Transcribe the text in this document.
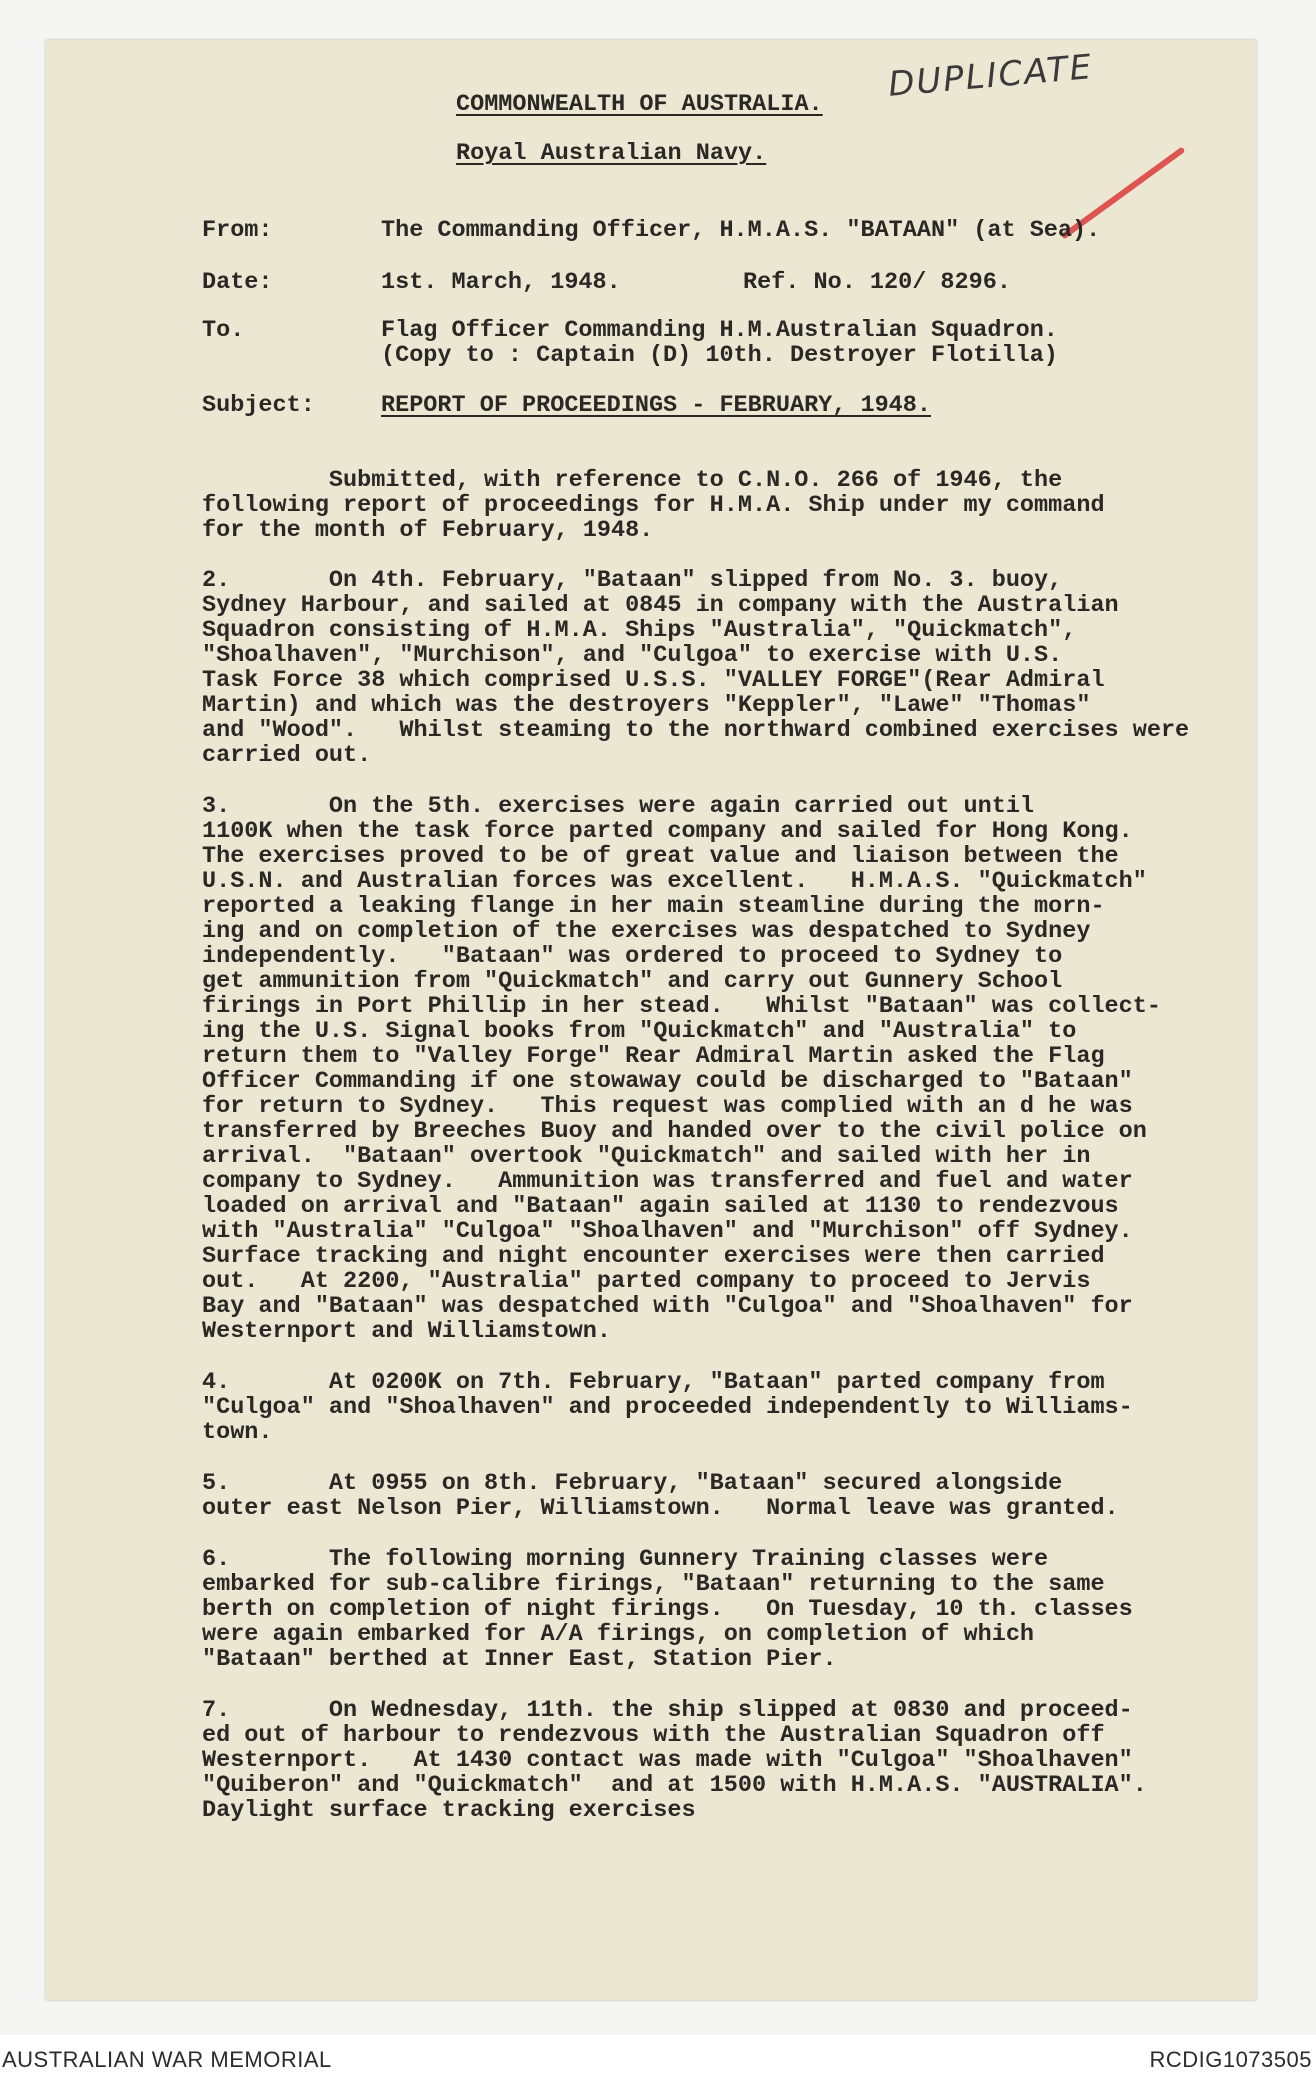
DUPLICATE
COMMONWEALTH OF AUSTRALIA.
Royal Australian Navy.
From:	The Commanding Officer, H.M.A.S. "BATAAN" (at Sea).
Date:	1st. March, 1948.	Ref. No. 120/ 8296.
To.	Flag Officer Commanding H.M.Australian Squadron.
(Copy to : Captain (D) 10th. Destroyer Flotilla)
Subject:	REPORT OF PROCEEDINGS - FEBRUARY, 1948.
Submitted, with reference to C.N.O. 266 of 1946, the
following report of proceedings for H.M.A. Ship under my command
for the month of February, 1948.
2.       On 4th. February, "Bataan" slipped from No. 3. buoy,
Sydney Harbour, and sailed at 0845 in company with the Australian
Squadron consisting of H.M.A. Ships "Australia", "Quickmatch",
"Shoalhaven", "Murchison", and "Culgoa" to exercise with U.S.
Task Force 38 which comprised U.S.S. "VALLEY FORGE"(Rear Admiral
Martin) and which was the destroyers "Keppler", "Lawe" "Thomas"
and "Wood".   Whilst steaming to the northward combined exercises were
carried out.
3.       On the 5th. exercises were again carried out until
1100K when the task force parted company and sailed for Hong Kong.
The exercises proved to be of great value and liaison between the
U.S.N. and Australian forces was excellent.   H.M.A.S. "Quickmatch"
reported a leaking flange in her main steamline during the morn-
ing and on completion of the exercises was despatched to Sydney
independently.   "Bataan" was ordered to proceed to Sydney to
get ammunition from "Quickmatch" and carry out Gunnery School
firings in Port Phillip in her stead.   Whilst "Bataan" was collect-
ing the U.S. Signal books from "Quickmatch" and "Australia" to
return them to "Valley Forge" Rear Admiral Martin asked the Flag
Officer Commanding if one stowaway could be discharged to "Bataan"
for return to Sydney.   This request was complied with an d he was
transferred by Breeches Buoy and handed over to the civil police on
arrival.  "Bataan" overtook "Quickmatch" and sailed with her in
company to Sydney.   Ammunition was transferred and fuel and water
loaded on arrival and "Bataan" again sailed at 1130 to rendezvous
with "Australia" "Culgoa" "Shoalhaven" and "Murchison" off Sydney.
Surface tracking and night encounter exercises were then carried
out.   At 2200, "Australia" parted company to proceed to Jervis
Bay and "Bataan" was despatched with "Culgoa" and "Shoalhaven" for
Westernport and Williamstown.
4.       At 0200K on 7th. February, "Bataan" parted company from
"Culgoa" and "Shoalhaven" and proceeded independently to Williams-
town.
5.       At 0955 on 8th. February, "Bataan" secured alongside
outer east Nelson Pier, Williamstown.   Normal leave was granted.
6.       The following morning Gunnery Training classes were
embarked for sub-calibre firings, "Bataan" returning to the same
berth on completion of night firings.   On Tuesday, 10 th. classes
were again embarked for A/A firings, on completion of which
"Bataan" berthed at Inner East, Station Pier.
7.       On Wednesday, 11th. the ship slipped at 0830 and proceed-
ed out of harbour to rendezvous with the Australian Squadron off
Westernport.   At 1430 contact was made with "Culgoa" "Shoalhaven"
"Quiberon" and "Quickmatch"  and at 1500 with H.M.A.S. "AUSTRALIA".
Daylight surface tracking exercises
AUSTRALIAN WAR MEMORIAL	RCDIG1073505
